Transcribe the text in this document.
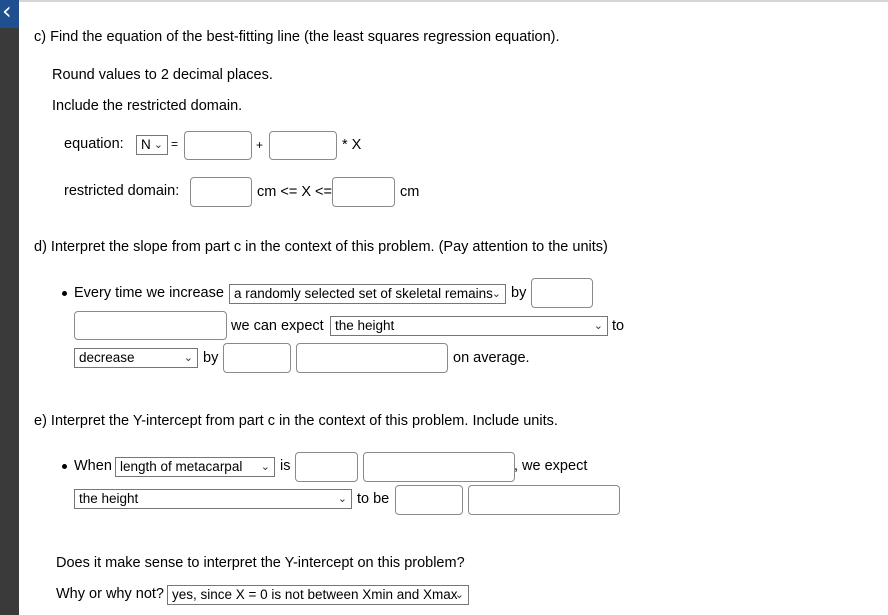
‹
c) Find the equation of the best-fitting line (the least squares regression equation).
Round values to 2 decimal places.
Include the restricted domain.
equation:	N ⌄ =	+	* X
restricted domain:	cm <= X <=	cm
d) Interpret the slope from part c in the context of this problem. (Pay attention to the units)
Every time we increase a randomly selected set of skeletal remains
⌄ by
we can expect the height	⌄ to
decrease	⌄ by	on average.
e) Interpret the Y-intercept from part c in the context of this problem. Include units.
When length of metacarpal ⌄ is	, we expect
the height	⌄ to be
Does it make sense to interpret the Y-intercept on this problem?
Why or why not? yes, since X = 0 is not between Xmin and Xmax
⌄
